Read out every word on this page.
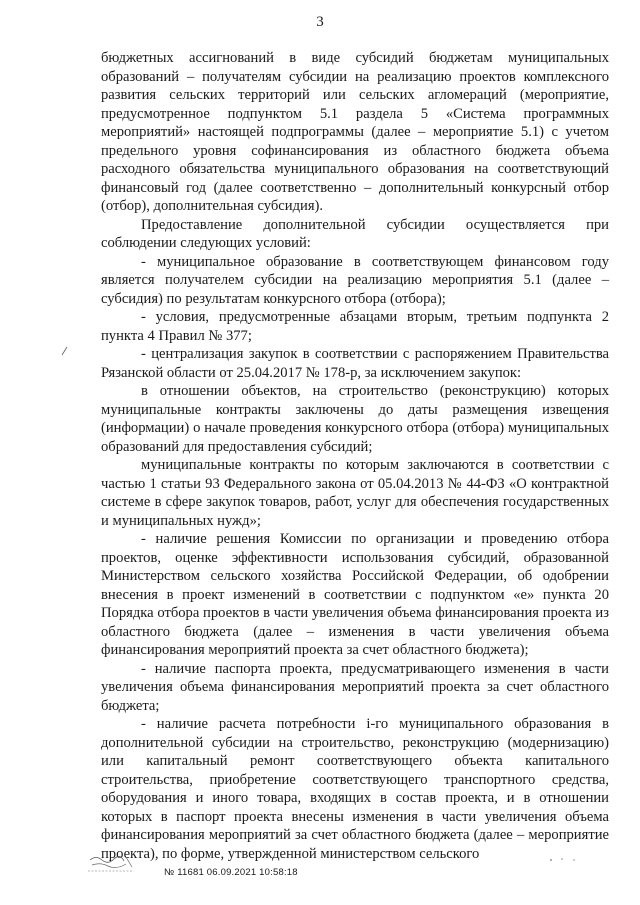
3

бюджетных ассигнований в виде субсидий бюджетам муниципальных образований – получателям субсидии на реализацию проектов комплексного развития сельских территорий или сельских агломераций (мероприятие, предусмотренное подпунктом 5.1 раздела 5 «Система программных мероприятий» настоящей подпрограммы (далее – мероприятие 5.1) с учетом предельного уровня софинансирования из областного бюджета объема расходного обязательства муниципального образования на соответствующий финансовый год (далее соответственно – дополнительный конкурсный отбор (отбор), дополнительная субсидия).

Предоставление дополнительной субсидии осуществляется при соблюдении следующих условий:

- муниципальное образование в соответствующем финансовом году является получателем субсидии на реализацию мероприятия 5.1 (далее – субсидия) по результатам конкурсного отбора (отбора);

- условия, предусмотренные абзацами вторым, третьим подпункта 2 пункта 4 Правил № 377;

- централизация закупок в соответствии с распоряжением Правительства Рязанской области от 25.04.2017 № 178-р, за исключением закупок:

в отношении объектов, на строительство (реконструкцию) которых муниципальные контракты заключены до даты размещения извещения (информации) о начале проведения конкурсного отбора (отбора) муниципальных образований для предоставления субсидий;

муниципальные контракты по которым заключаются в соответствии с частью 1 статьи 93 Федерального закона от 05.04.2013 № 44-ФЗ «О контрактной системе в сфере закупок товаров, работ, услуг для обеспечения государственных и муниципальных нужд»;

- наличие решения Комиссии по организации и проведению отбора проектов, оценке эффективности использования субсидий, образованной Министерством сельского хозяйства Российской Федерации, об одобрении внесения в проект изменений в соответствии с подпунктом «е» пункта 20 Порядка отбора проектов в части увеличения объема финансирования проекта из областного бюджета (далее – изменения в части увеличения объема финансирования мероприятий проекта за счет областного бюджета);

- наличие паспорта проекта, предусматривающего изменения в части увеличения объема финансирования мероприятий проекта за счет областного бюджета;

- наличие расчета потребности i-го муниципального образования в дополнительной субсидии на строительство, реконструкцию (модернизацию) или капитальный ремонт соответствующего объекта капитального строительства, приобретение соответствующего транспортного средства, оборудования и иного товара, входящих в состав проекта, и в отношении которых в паспорт проекта внесены изменения в части увеличения объема финансирования мероприятий за счет областного бюджета (далее – мероприятие проекта), по форме, утвержденной министерством сельского

№ 11681 06.09.2021 10:58:18
